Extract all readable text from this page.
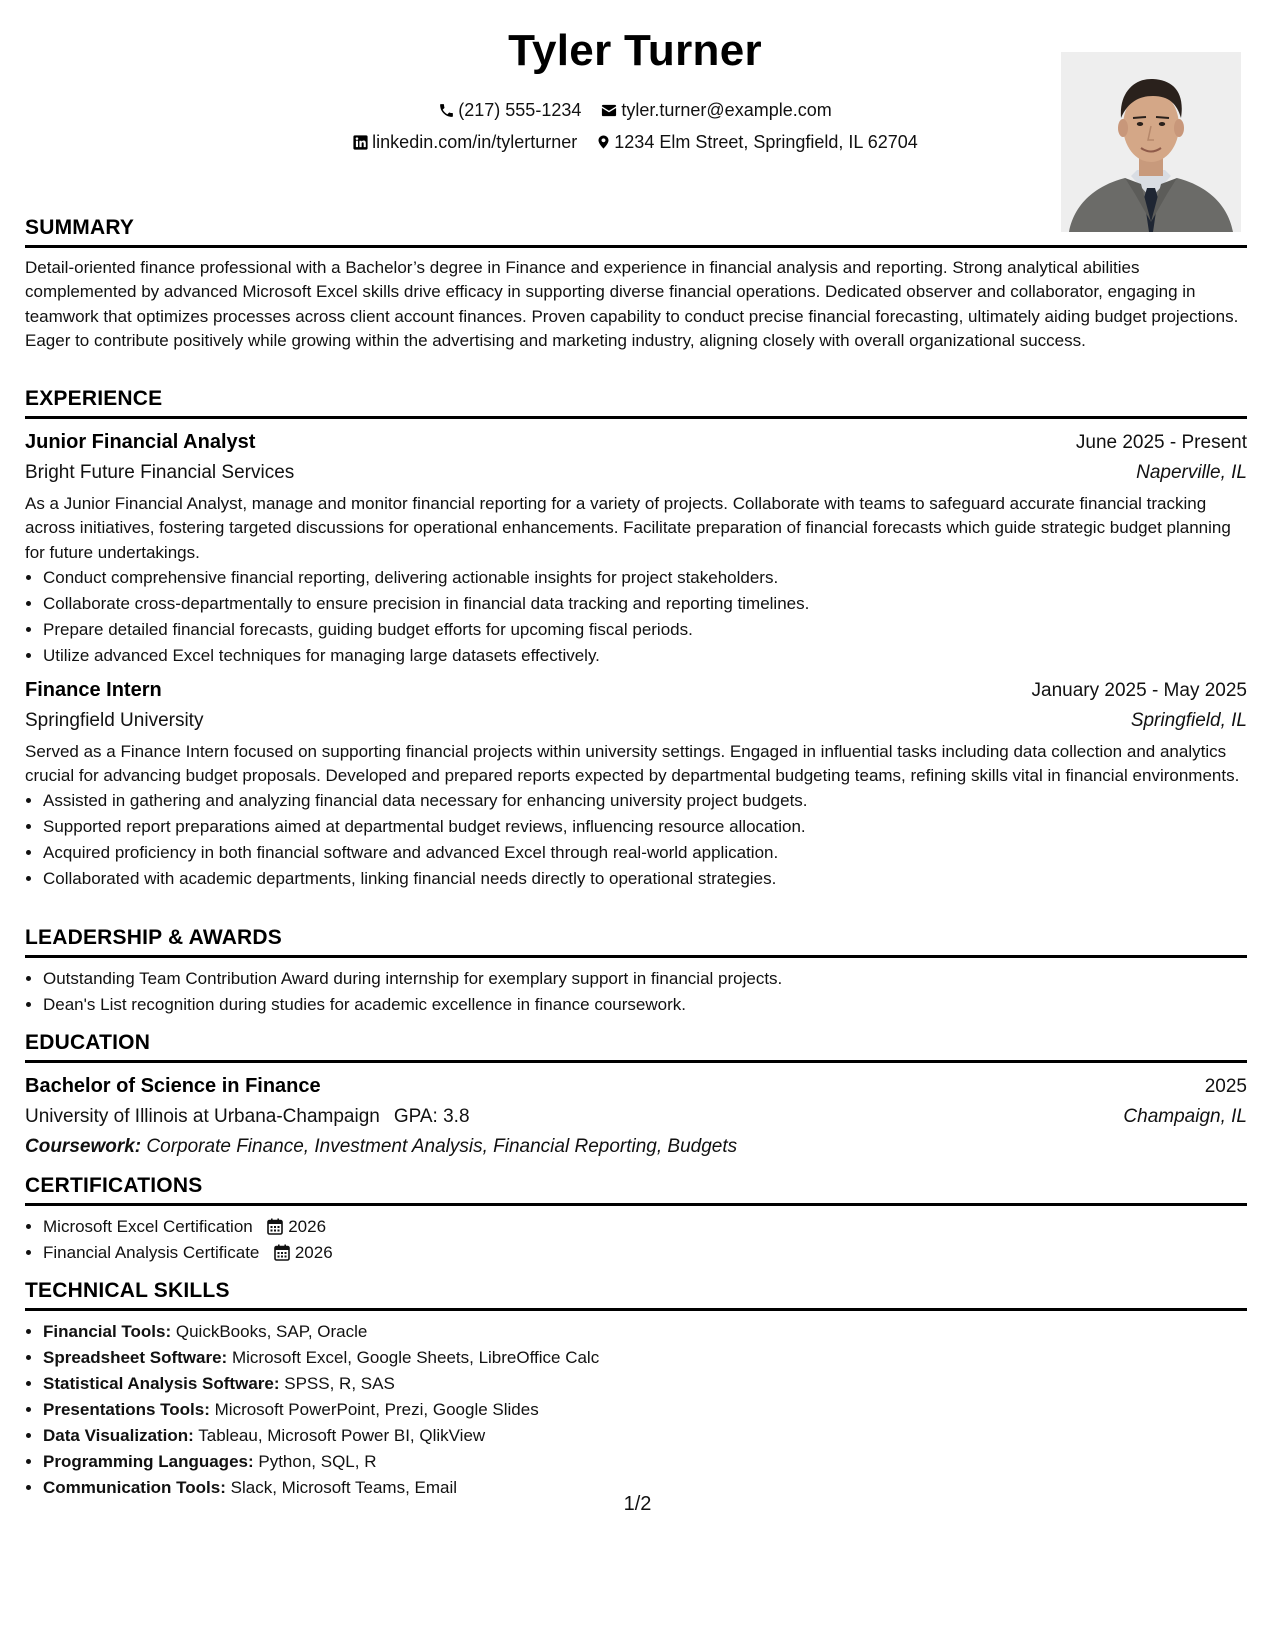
Tyler Turner
(217) 555-1234 tyler.turner@example.com
linkedin.com/in/tylerturner 1234 Elm Street, Springfield, IL 62704
SUMMARY

Detail-oriented finance professional with a Bachelor’s degree in Finance and experience in financial analysis and reporting. Strong analytical abilities complemented by advanced Microsoft Excel skills drive efficacy in supporting diverse financial operations. Dedicated observer and collaborator, engaging in teamwork that optimizes processes across client account finances. Proven capability to conduct precise financial forecasting, ultimately aiding budget projections. Eager to contribute positively while growing within the advertising and marketing industry, aligning closely with overall organizational success.

EXPERIENCE
Junior Financial Analyst	June 2025 - Present
Bright Future Financial Services	Naperville, IL

As a Junior Financial Analyst, manage and monitor financial reporting for a variety of projects. Collaborate with teams to safeguard accurate financial tracking across initiatives, fostering targeted discussions for operational enhancements. Facilitate preparation of financial forecasts which guide strategic budget planning for future undertakings.

• Conduct comprehensive financial reporting, delivering actionable insights for project stakeholders.
• Collaborate cross-departmentally to ensure precision in financial data tracking and reporting timelines.
• Prepare detailed financial forecasts, guiding budget efforts for upcoming fiscal periods.
• Utilize advanced Excel techniques for managing large datasets effectively.
Finance Intern	January 2025 - May 2025
Springfield University	Springfield, IL

Served as a Finance Intern focused on supporting financial projects within university settings. Engaged in influential tasks including data collection and analytics crucial for advancing budget proposals. Developed and prepared reports expected by departmental budgeting teams, refining skills vital in financial environments.

• Assisted in gathering and analyzing financial data necessary for enhancing university project budgets.
• Supported report preparations aimed at departmental budget reviews, influencing resource allocation.
• Acquired proficiency in both financial software and advanced Excel through real-world application.
• Collaborated with academic departments, linking financial needs directly to operational strategies.
LEADERSHIP & AWARDS
• Outstanding Team Contribution Award during internship for exemplary support in financial projects.
• Dean's List recognition during studies for academic excellence in finance coursework.
EDUCATION
Bachelor of Science in Finance	2025
University of Illinois at Urbana-Champaign GPA: 3.8	Champaign, IL
Coursework: Corporate Finance, Investment Analysis, Financial Reporting, Budgets
CERTIFICATIONS
• Microsoft Excel Certification 2026
• Financial Analysis Certificate 2026
TECHNICAL SKILLS
• Financial Tools: QuickBooks, SAP, Oracle
• Spreadsheet Software: Microsoft Excel, Google Sheets, LibreOffice Calc
• Statistical Analysis Software: SPSS, R, SAS
• Presentations Tools: Microsoft PowerPoint, Prezi, Google Slides
• Data Visualization: Tableau, Microsoft Power BI, QlikView
• Programming Languages: Python, SQL, R
• Communication Tools: Slack, Microsoft Teams, Email
1/2
